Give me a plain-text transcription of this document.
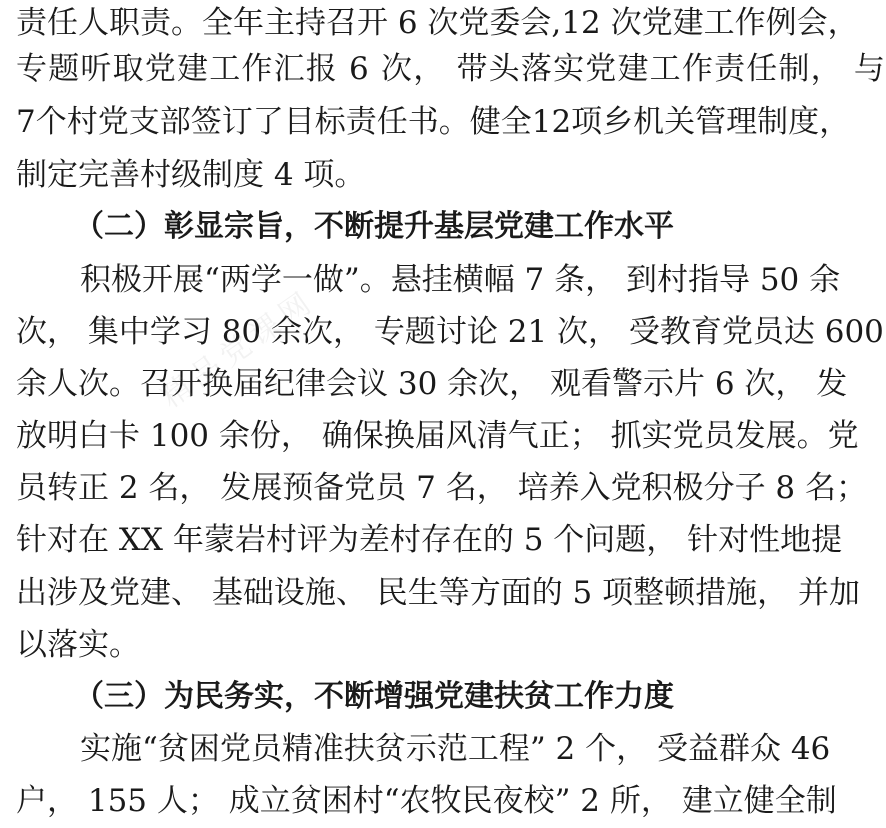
责任人职责。全年主持召开 6 次党委会,12 次党建工作例会，
专题听取党建工作汇报 6 次， 带头落实党建工作责任制， 与
7个村党支部签订了目标责任书。健全12项乡机关管理制度，
制定完善村级制度 4 项。
（二）彰显宗旨，不断提升基层党建工作水平
积极开展“两学一做”。悬挂横幅 7 条， 到村指导 50 余
次， 集中学习 80 余次， 专题讨论 21 次， 受教育党员达 600
余人次。召开换届纪律会议 30 余次， 观看警示片 6 次， 发
放明白卡 100 余份， 确保换届风清气正； 抓实党员发展。党
员转正 2 名， 发展预备党员 7 名， 培养入党积极分子 8 名；
针对在 XX 年蒙岩村评为差村存在的 5 个问题， 针对性地提
出涉及党建、 基础设施、 民生等方面的 5 项整顿措施， 并加
以落实。
（三）为民务实，不断增强党建扶贫工作力度
实施“贫困党员精准扶贫示范工程” 2 个， 受益群众 46
户， 155 人； 成立贫困村“农牧民夜校” 2 所， 建立健全制
精品党课网
